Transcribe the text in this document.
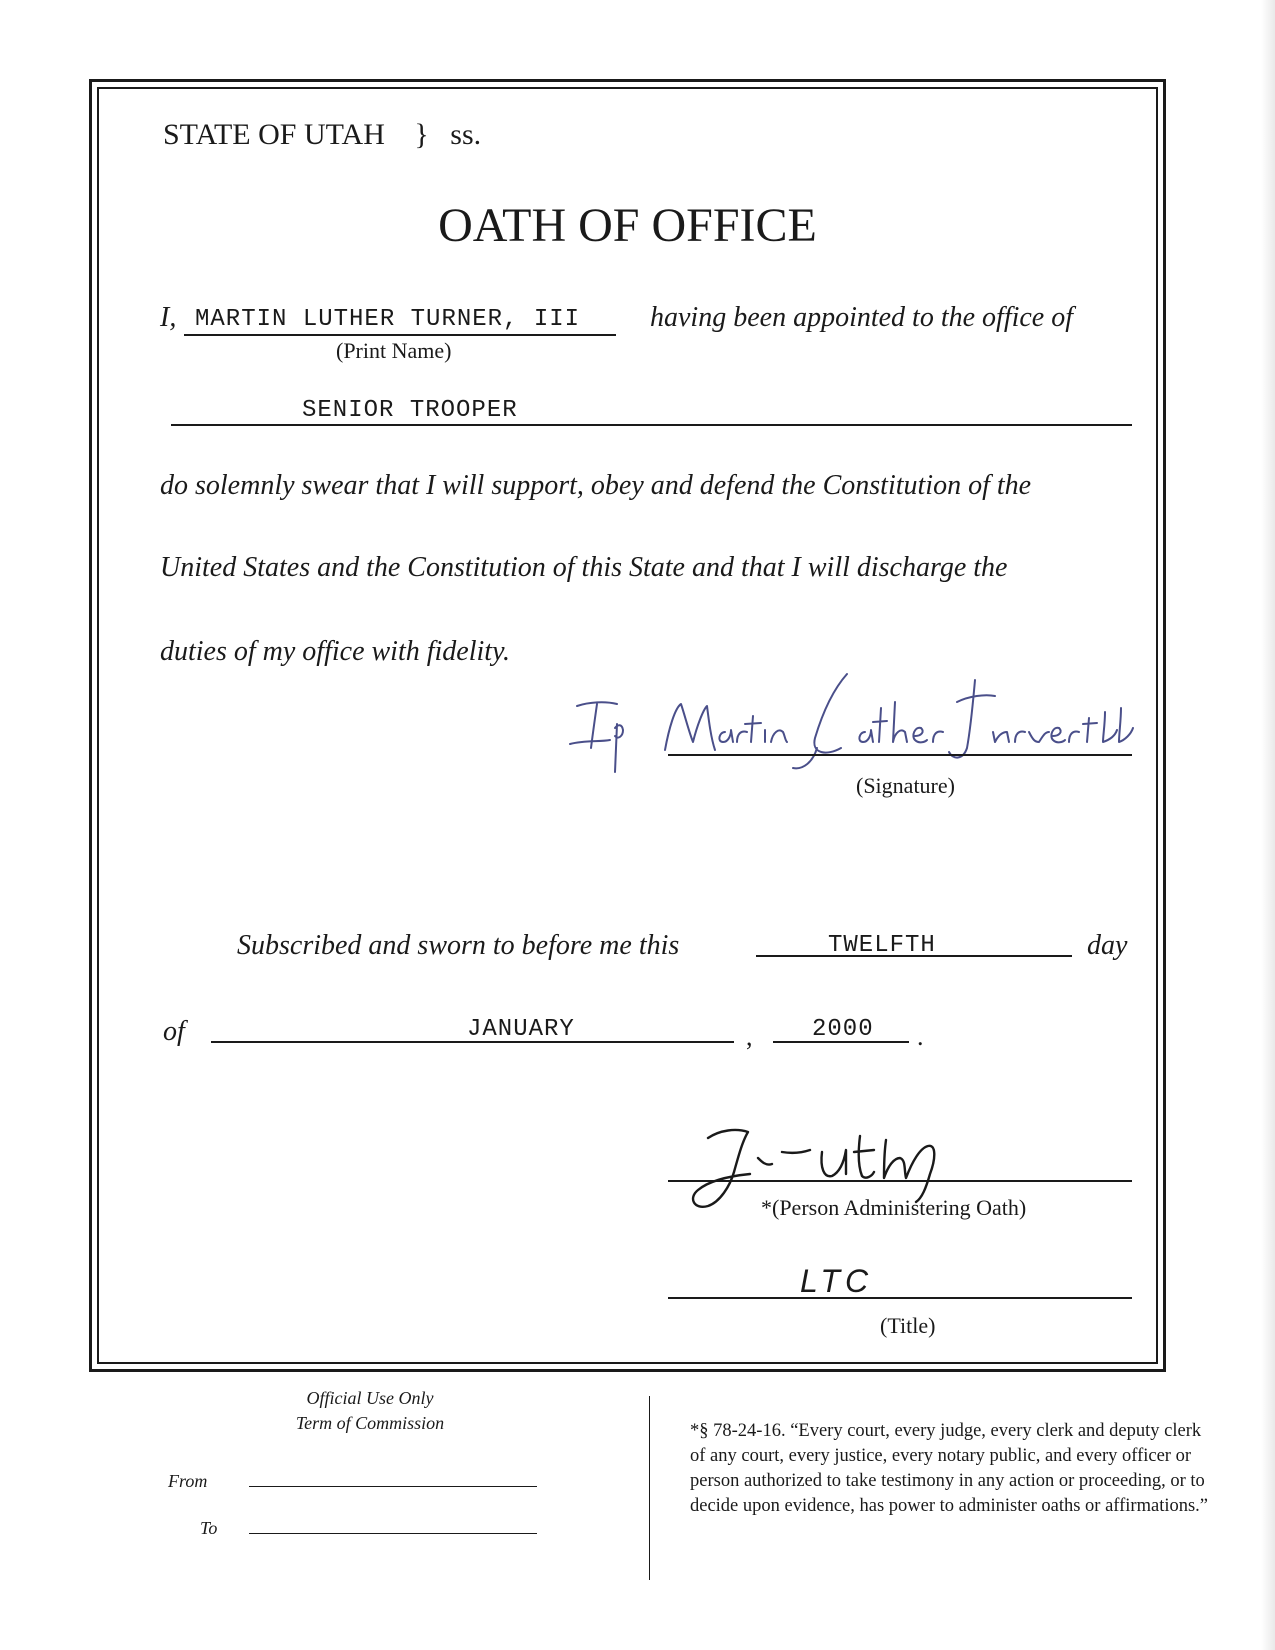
STATE OF UTAH } ss.
OATH OF OFFICE
I, MARTIN LUTHER TURNER, III
(Print Name)
having been appointed to the office of
SENIOR TROOPER
do solemnly swear that I will support, obey and defend the Constitution of the
United States and the Constitution of this State and that I will discharge the
duties of my office with fidelity.
(Signature)
Subscribed and sworn to before me this	TWELFTH	day
of	JANUARY	, 2000 .
*(Person Administering Oath)
LTC
(Title)
Official Use Only
Term of Commission
From
To
*§ 78-24-16. “Every court, every judge, every clerk and deputy clerk of any court, every justice, every notary public, and every officer or person authorized to take testimony in any action or proceeding, or to decide upon evidence, has power to administer oaths or affirmations.”
